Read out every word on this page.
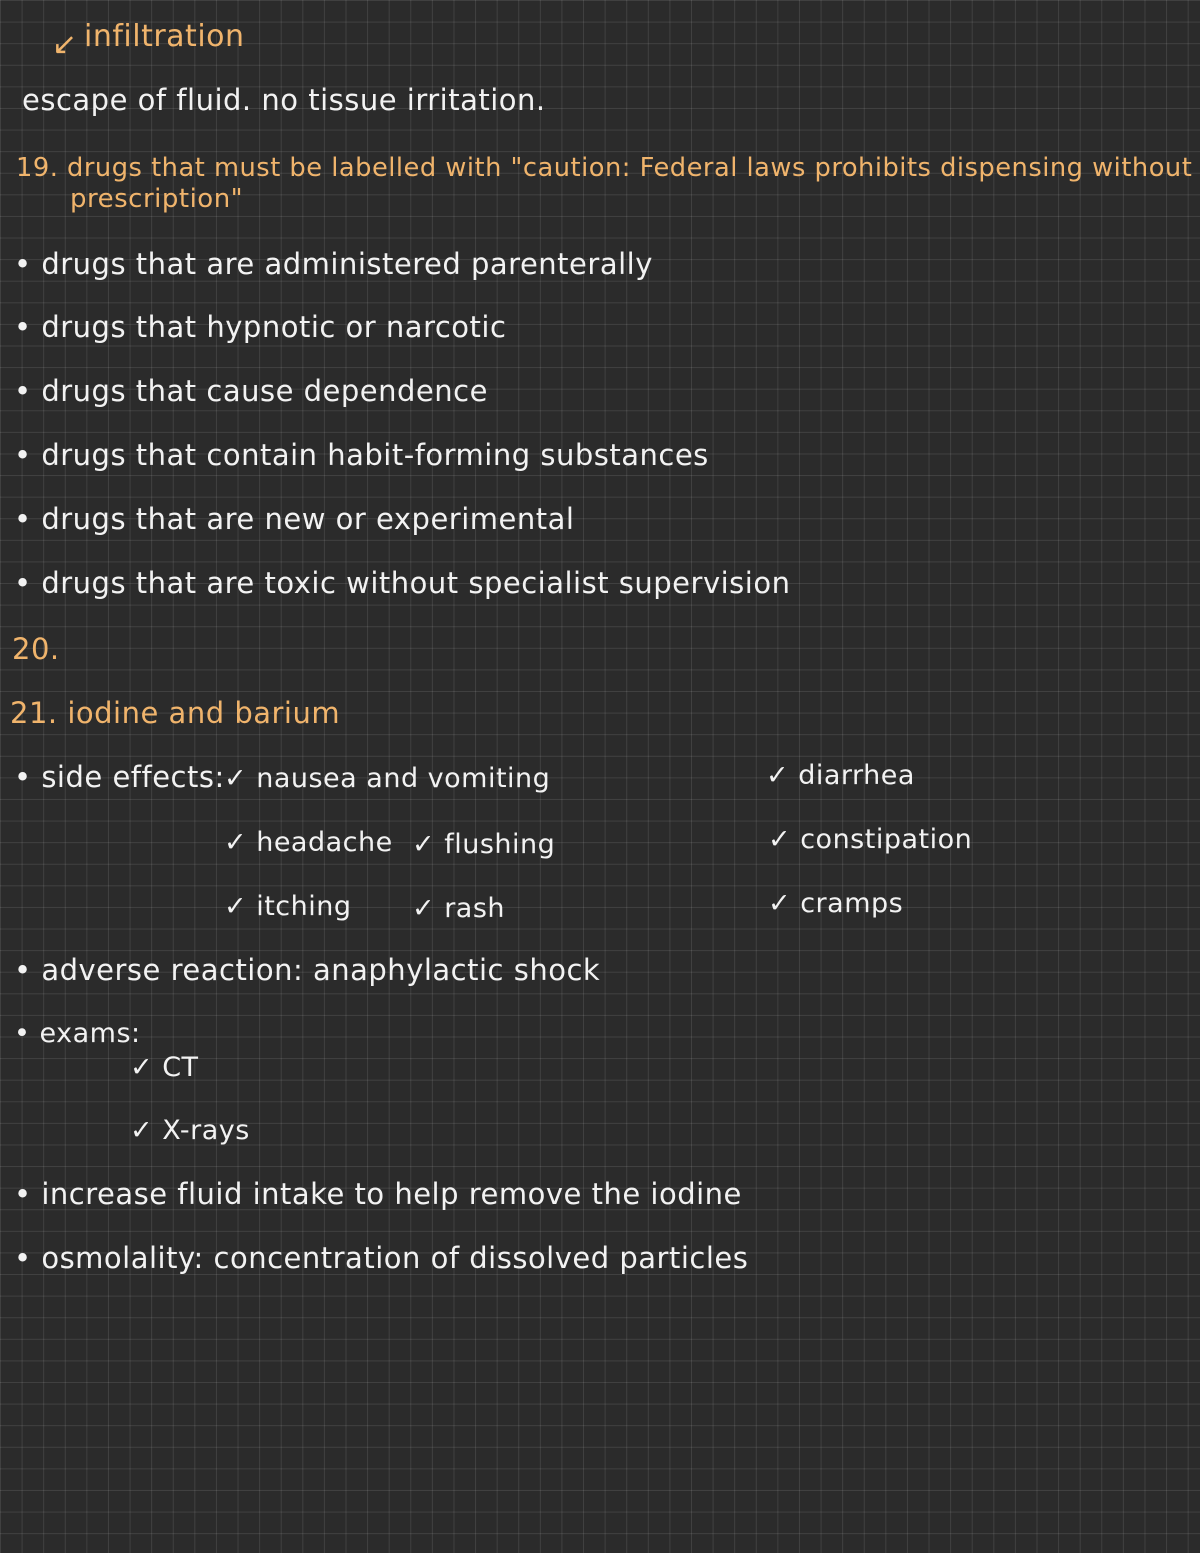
↙ infiltration
escape of fluid. no tissue irritation.
19. drugs that must be labelled with "caution: Federal laws prohibits dispensing without
prescription"
• drugs that are administered parenterally
• drugs that hypnotic or narcotic
• drugs that cause dependence
• drugs that contain habit-forming substances
• drugs that are new or experimental
• drugs that are toxic without specialist supervision
20.
21. iodine and barium
• side effects: ✓ nausea and vomiting
✓ headache ✓ flushing
✓ itching ✓ rash
✓ diarrhea
✓ constipation
✓ cramps
• adverse reaction: anaphylactic shock
• exams:
✓ CT
✓ X-rays
• increase fluid intake to help remove the iodine
• osmolality: concentration of dissolved particles
